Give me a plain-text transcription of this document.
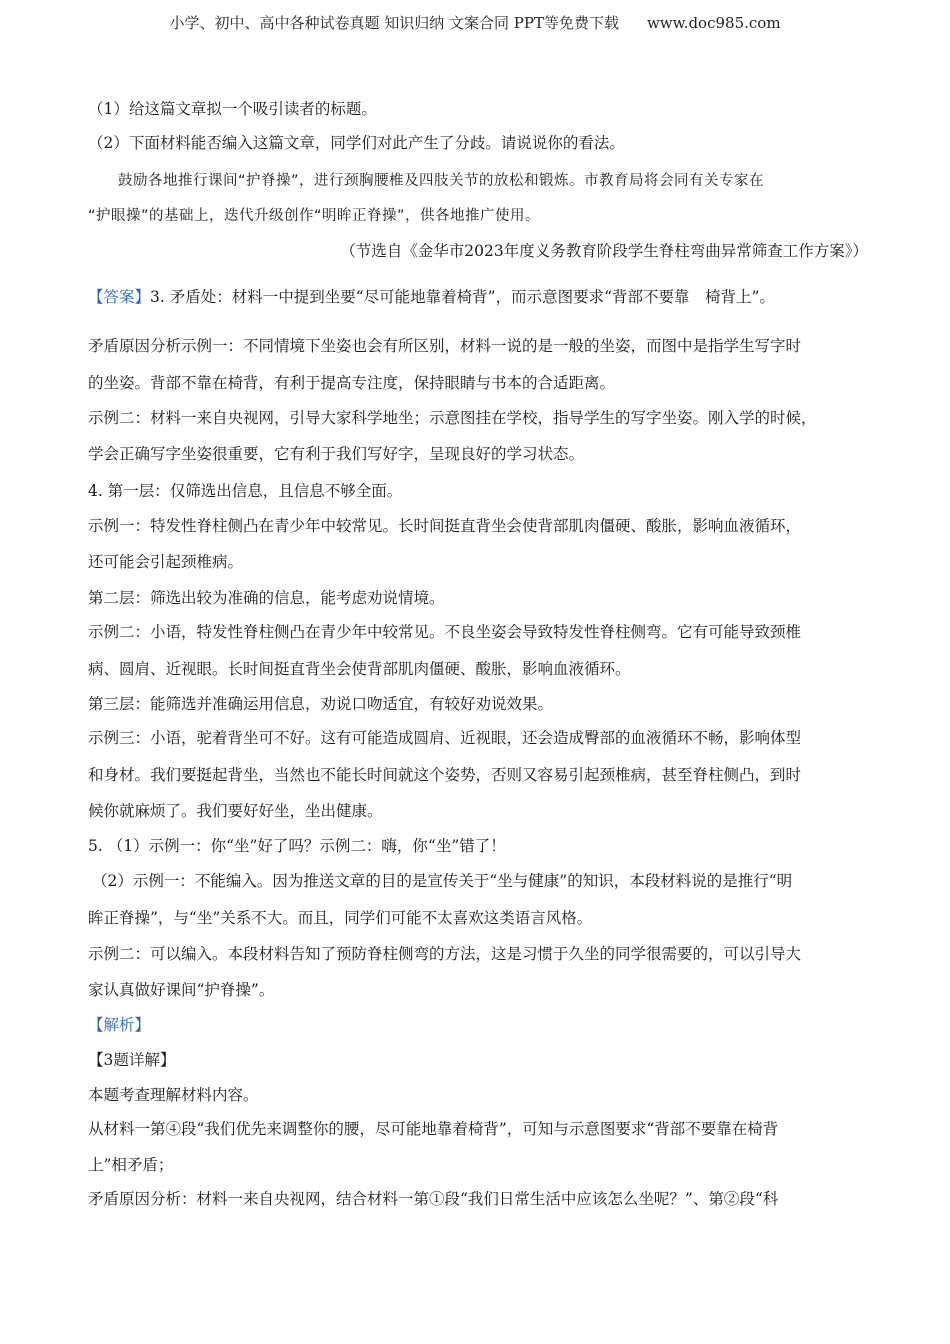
小学、初中、高中各种试卷真题 知识归纳 文案合同 PPT等免费下载 www.doc985.com
（1）给这篇文章拟一个吸引读者的标题。
（2）下面材料能否编入这篇文章，同学们对此产生了分歧。请说说你的看法。
鼓励各地推行课间“护脊操”，进行颈胸腰椎及四肢关节的放松和锻炼。市教育局将会同有关专家在
“护眼操”的基础上，迭代升级创作“明眸正脊操”，供各地推广使用。
（节选自《金华市2023年度义务教育阶段学生脊柱弯曲异常筛查工作方案》）
【答案】3. 矛盾处：材料一中提到坐要“尽可能地靠着椅背”，而示意图要求“背部不要靠　椅背上”。
矛盾原因分析示例一：不同情境下坐姿也会有所区别，材料一说的是一般的坐姿，而图中是指学生写字时
的坐姿。背部不靠在椅背，有利于提高专注度，保持眼睛与书本的合适距离。
示例二：材料一来自央视网，引导大家科学地坐；示意图挂在学校，指导学生的写字坐姿。刚入学的时候，
学会正确写字坐姿很重要，它有利于我们写好字，呈现良好的学习状态。
4. 第一层：仅筛选出信息，且信息不够全面。
示例一：特发性脊柱侧凸在青少年中较常见。长时间挺直背坐会使背部肌肉僵硬、酸胀，影响血液循环，
还可能会引起颈椎病。
第二层：筛选出较为准确的信息，能考虑劝说情境。
示例二：小语，特发性脊柱侧凸在青少年中较常见。不良坐姿会导致特发性脊柱侧弯。它有可能导致颈椎
病、圆肩、近视眼。长时间挺直背坐会使背部肌肉僵硬、酸胀，影响血液循环。
第三层：能筛选并准确运用信息，劝说口吻适宜，有较好劝说效果。
示例三：小语，驼着背坐可不好。这有可能造成圆肩、近视眼，还会造成臀部的血液循环不畅，影响体型
和身材。我们要挺起背坐，当然也不能长时间就这个姿势，否则又容易引起颈椎病，甚至脊柱侧凸，到时
候你就麻烦了。我们要好好坐，坐出健康。
5. （1）示例一：你“坐”好了吗？示例二：嗨，你“坐”错了！
（2）示例一：不能编入。因为推送文章的目的是宣传关于“坐与健康”的知识，本段材料说的是推行“明
眸正脊操”，与“坐”关系不大。而且，同学们可能不太喜欢这类语言风格。
示例二：可以编入。本段材料告知了预防脊柱侧弯的方法，这是习惯于久坐的同学很需要的，可以引导大
家认真做好课间“护脊操”。
【解析】
【3题详解】
本题考查理解材料内容。
从材料一第④段“我们优先来调整你的腰，尽可能地靠着椅背”，可知与示意图要求“背部不要靠在椅背
上”相矛盾；
矛盾原因分析：材料一来自央视网，结合材料一第①段“我们日常生活中应该怎么坐呢？”、第②段“科
